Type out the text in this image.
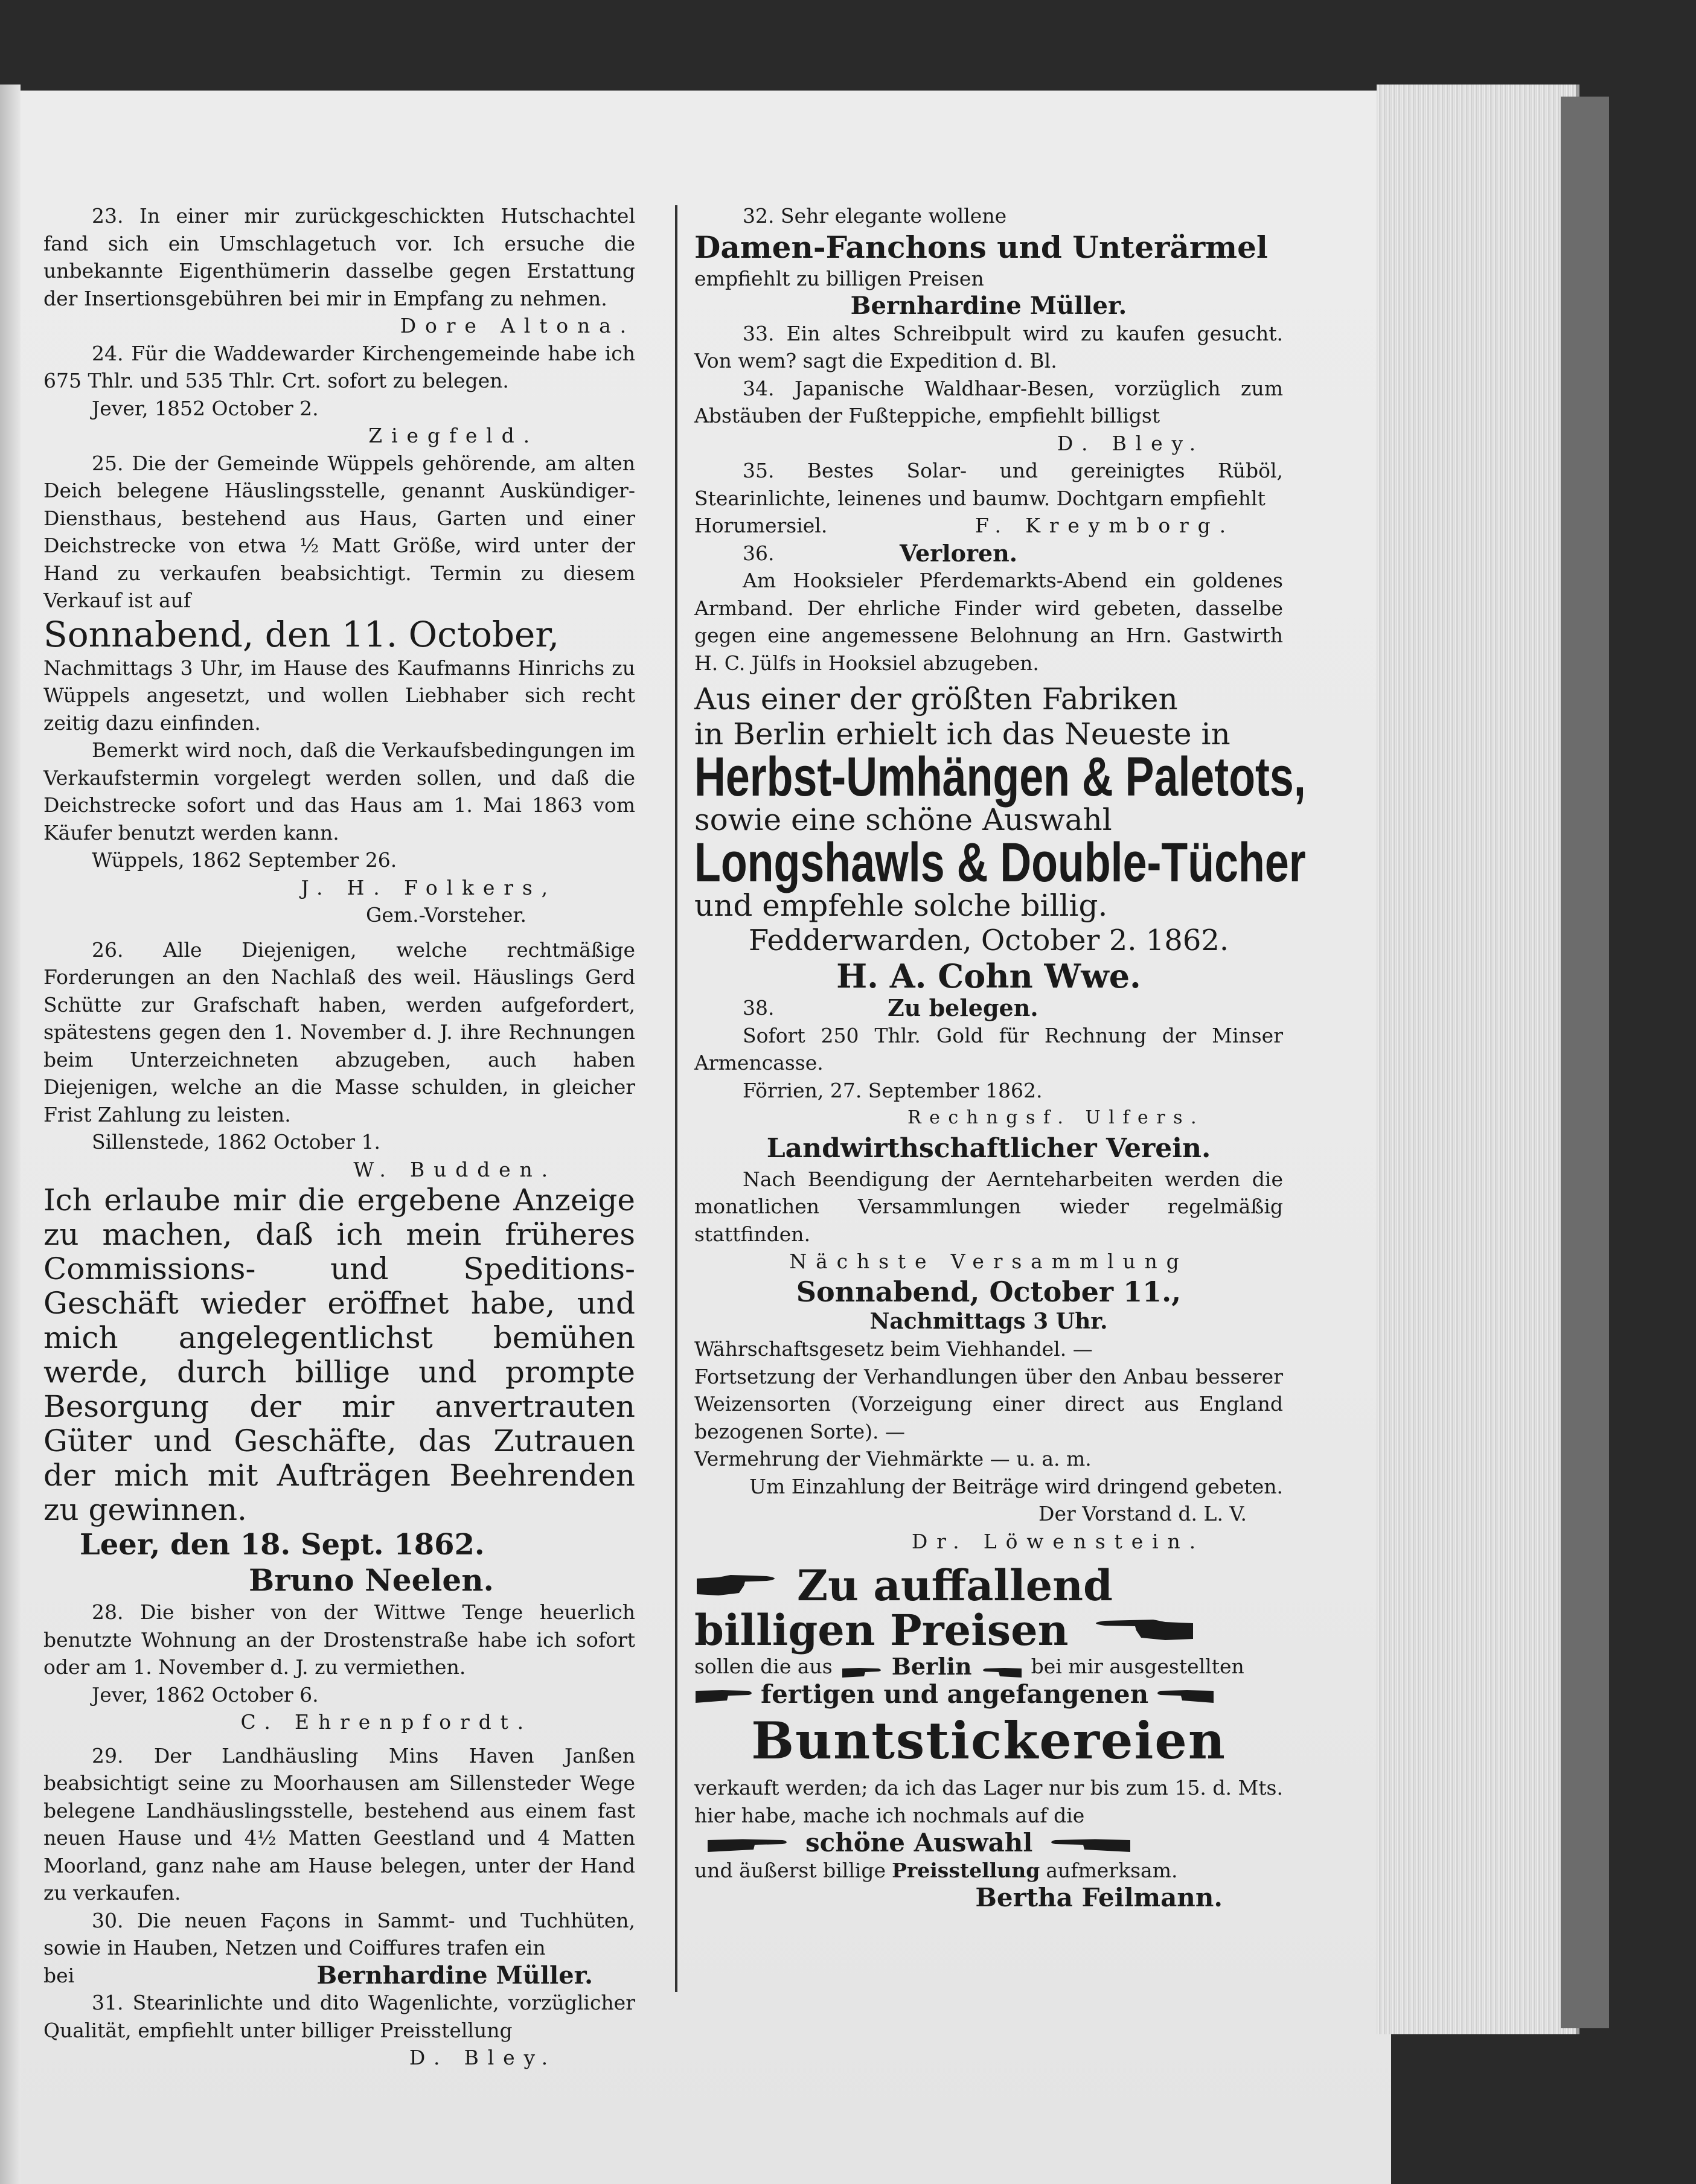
23. In einer mir zurückgeschickten Hutschachtel fand sich ein Umschlagetuch vor. Ich ersuche die unbekannte Eigenthümerin dasselbe gegen Erstattung der Insertionsgebühren bei mir in Empfang zu nehmen.

Dore Altona.

24. Für die Waddewarder Kirchengemeinde habe ich 675 Thlr. und 535 Thlr. Crt. sofort zu belegen.

Jever, 1852 October 2.

Ziegfeld.

25. Die der Gemeinde Wüppels gehörende, am alten Deich belegene Häuslingsstelle, genannt Auskündiger-Diensthaus, bestehend aus Haus, Garten und einer Deichstrecke von etwa ½ Matt Größe, wird unter der Hand zu verkaufen beabsichtigt. Termin zu diesem Verkauf ist auf

Sonnabend, den 11. October,

Nachmittags 3 Uhr, im Hause des Kaufmanns Hinrichs zu Wüppels angesetzt, und wollen Liebhaber sich recht zeitig dazu einfinden.

Bemerkt wird noch, daß die Verkaufsbedingungen im Verkaufstermin vorgelegt werden sollen, und daß die Deichstrecke sofort und das Haus am 1. Mai 1863 vom Käufer benutzt werden kann.

Wüppels, 1862 September 26.

J. H. Folkers,

Gem.-Vorsteher.

26. Alle Diejenigen, welche rechtmäßige Forderungen an den Nachlaß des weil. Häuslings Gerd Schütte zur Grafschaft haben, werden aufgefordert, spätestens gegen den 1. November d. J. ihre Rechnungen beim Unterzeichneten abzugeben, auch haben Diejenigen, welche an die Masse schulden, in gleicher Frist Zahlung zu leisten.

Sillenstede, 1862 October 1.

W. Budden.

Ich erlaube mir die ergebene Anzeige zu machen, daß ich mein früheres Commissions- und Speditions-Geschäft wieder eröffnet habe, und mich angelegentlichst bemühen werde, durch billige und prompte Besorgung der mir anvertrauten Güter und Geschäfte, das Zutrauen der mich mit Aufträgen Beehrenden zu gewinnen.

Leer, den 18. Sept. 1862.

Bruno Neelen.

28. Die bisher von der Wittwe Tenge heuerlich benutzte Wohnung an der Drostenstraße habe ich sofort oder am 1. November d. J. zu vermiethen.

Jever, 1862 October 6.

C. Ehrenpfordt.

29. Der Landhäusling Mins Haven Janßen beabsichtigt seine zu Moorhausen am Sillensteder Wege belegene Landhäuslingsstelle, bestehend aus einem fast neuen Hause und 4½ Matten Geestland und 4 Matten Moorland, ganz nahe am Hause belegen, unter der Hand zu verkaufen.

30. Die neuen Façons in Sammt- und Tuchhüten, sowie in Hauben, Netzen und Coiffures trafen ein

bei	Bernhardine Müller.

31. Stearinlichte und dito Wagenlichte, vorzüglicher Qualität, empfiehlt unter billiger Preisstellung

D. Bley.

32. Sehr elegante wollene

Damen-Fanchons und Unterärmel

empfiehlt zu billigen Preisen

Bernhardine Müller.

33. Ein altes Schreibpult wird zu kaufen gesucht. Von wem? sagt die Expedition d. Bl.

34. Japanische Waldhaar-Besen, vorzüglich zum Abstäuben der Fußteppiche, empfiehlt billigst

D. Bley.

35. Bestes Solar- und gereinigtes Rüböl, Stearinlichte, leinenes und baumw. Dochtgarn empfiehlt

Horumersiel.	F. Kreymborg.
36.	Verloren.

Am Hooksieler Pferdemarkts-Abend ein goldenes Armband. Der ehrliche Finder wird gebeten, dasselbe gegen eine angemessene Belohnung an Hrn. Gastwirth H. C. Jülfs in Hooksiel abzugeben.

Aus einer der größten Fabriken

in Berlin erhielt ich das Neueste in

Herbst-Umhängen & Paletots,

sowie eine schöne Auswahl

Longshawls & Double-Tücher

und empfehle solche billig.

Fedderwarden, October 2. 1862.

H. A. Cohn Wwe.

38.	Zu belegen.

Sofort 250 Thlr. Gold für Rechnung der Minser Armencasse.

Förrien, 27. September 1862.

Rechngsf. Ulfers.

Landwirthschaftlicher Verein.

Nach Beendigung der Aernteharbeiten werden die monatlichen Versammlungen wieder regelmäßig stattfinden.

Nächste Versammlung

Sonnabend, October 11.,

Nachmittags 3 Uhr.

Währschaftsgesetz beim Viehhandel. —

Fortsetzung der Verhandlungen über den Anbau besserer Weizensorten (Vorzeigung einer direct aus England bezogenen Sorte). —

Vermehrung der Viehmärkte — u. a. m.

Um Einzahlung der Beiträge wird dringend gebeten.

Der Vorstand d. L. V.

Dr. Löwenstein.

Zu auffallend
billigen Preisen
sollen die aus	Berlin	bei mir ausgestellten
fertigen und angefangenen

Buntstickereien

verkauft werden; da ich das Lager nur bis zum 15. d. Mts. hier habe, mache ich nochmals auf die

schöne Auswahl
und äußerst billige Preisstellung aufmerksam.

Bertha Feilmann.
